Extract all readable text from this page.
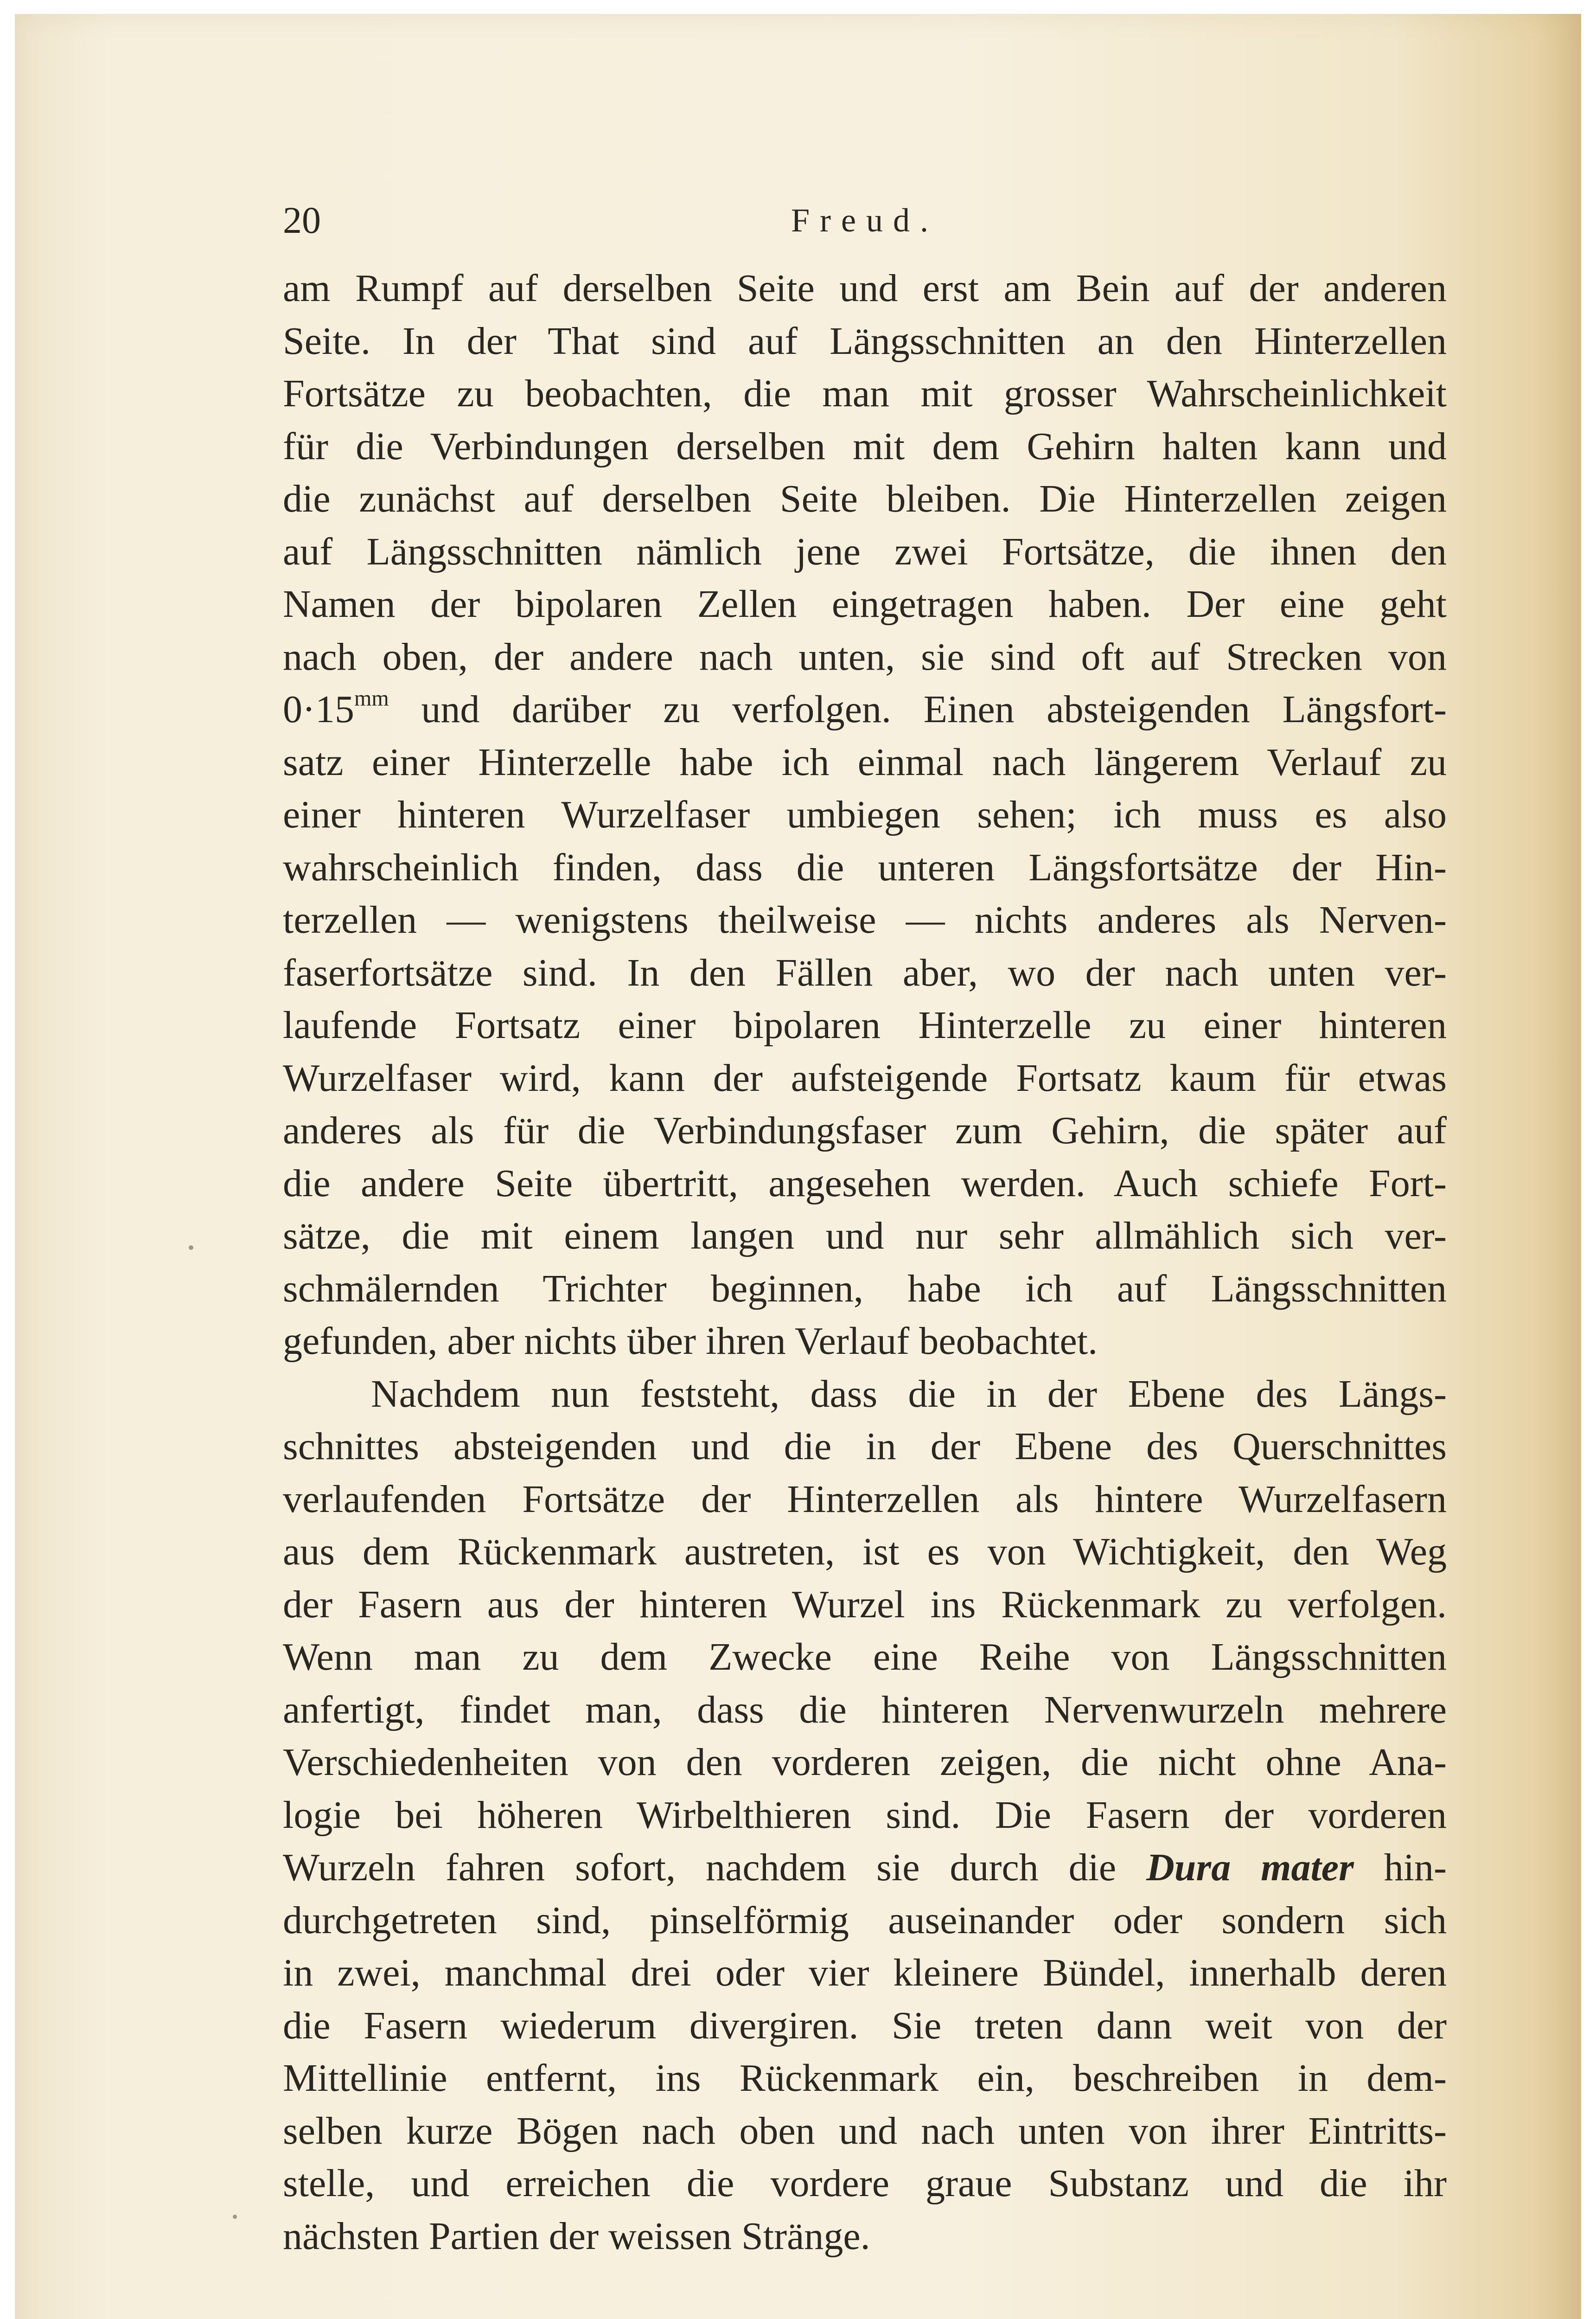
20	Freud.
am Rumpf auf derselben Seite und erst am Bein auf der anderen
Seite. In der That sind auf Längsschnitten an den Hinterzellen
Fortsätze zu beobachten, die man mit grosser Wahrscheinlichkeit
für die Verbindungen derselben mit dem Gehirn halten kann und
die zunächst auf derselben Seite bleiben. Die Hinterzellen zeigen
auf Längsschnitten nämlich jene zwei Fortsätze, die ihnen den
Namen der bipolaren Zellen eingetragen haben. Der eine geht
nach oben, der andere nach unten, sie sind oft auf Strecken von
$0\cdot 15^{mm}$ und darüber zu verfolgen. Einen absteigenden Längsfort-
satz einer Hinterzelle habe ich einmal nach längerem Verlauf zu
einer hinteren Wurzelfaser umbiegen sehen; ich muss es also
wahrscheinlich finden, dass die unteren Längsfortsätze der Hin-
terzellen — wenigstens theilweise — nichts anderes als Nerven-
faserfortsätze sind. In den Fällen aber, wo der nach unten ver-
laufende Fortsatz einer bipolaren Hinterzelle zu einer hinteren
Wurzelfaser wird, kann der aufsteigende Fortsatz kaum für etwas
anderes als für die Verbindungsfaser zum Gehirn, die später auf
die andere Seite übertritt, angesehen werden. Auch schiefe Fort-
sätze, die mit einem langen und nur sehr allmählich sich ver-
schmälernden Trichter beginnen, habe ich auf Längsschnitten
gefunden, aber nichts über ihren Verlauf beobachtet.
Nachdem nun feststeht, dass die in der Ebene des Längs-
schnittes absteigenden und die in der Ebene des Querschnittes
verlaufenden Fortsätze der Hinterzellen als hintere Wurzelfasern
aus dem Rückenmark austreten, ist es von Wichtigkeit, den Weg
der Fasern aus der hinteren Wurzel ins Rückenmark zu verfolgen.
Wenn man zu dem Zwecke eine Reihe von Längsschnitten
anfertigt, findet man, dass die hinteren Nervenwurzeln mehrere
Verschiedenheiten von den vorderen zeigen, die nicht ohne Ana-
logie bei höheren Wirbelthieren sind. Die Fasern der vorderen
Wurzeln fahren sofort, nachdem sie durch die Dura mater hin-
durchgetreten sind, pinselförmig auseinander oder sondern sich
in zwei, manchmal drei oder vier kleinere Bündel, innerhalb deren
die Fasern wiederum divergiren. Sie treten dann weit von der
Mittellinie entfernt, ins Rückenmark ein, beschreiben in dem-
selben kurze Bögen nach oben und nach unten von ihrer Eintritts-
stelle, und erreichen die vordere graue Substanz und die ihr
nächsten Partien der weissen Stränge.
